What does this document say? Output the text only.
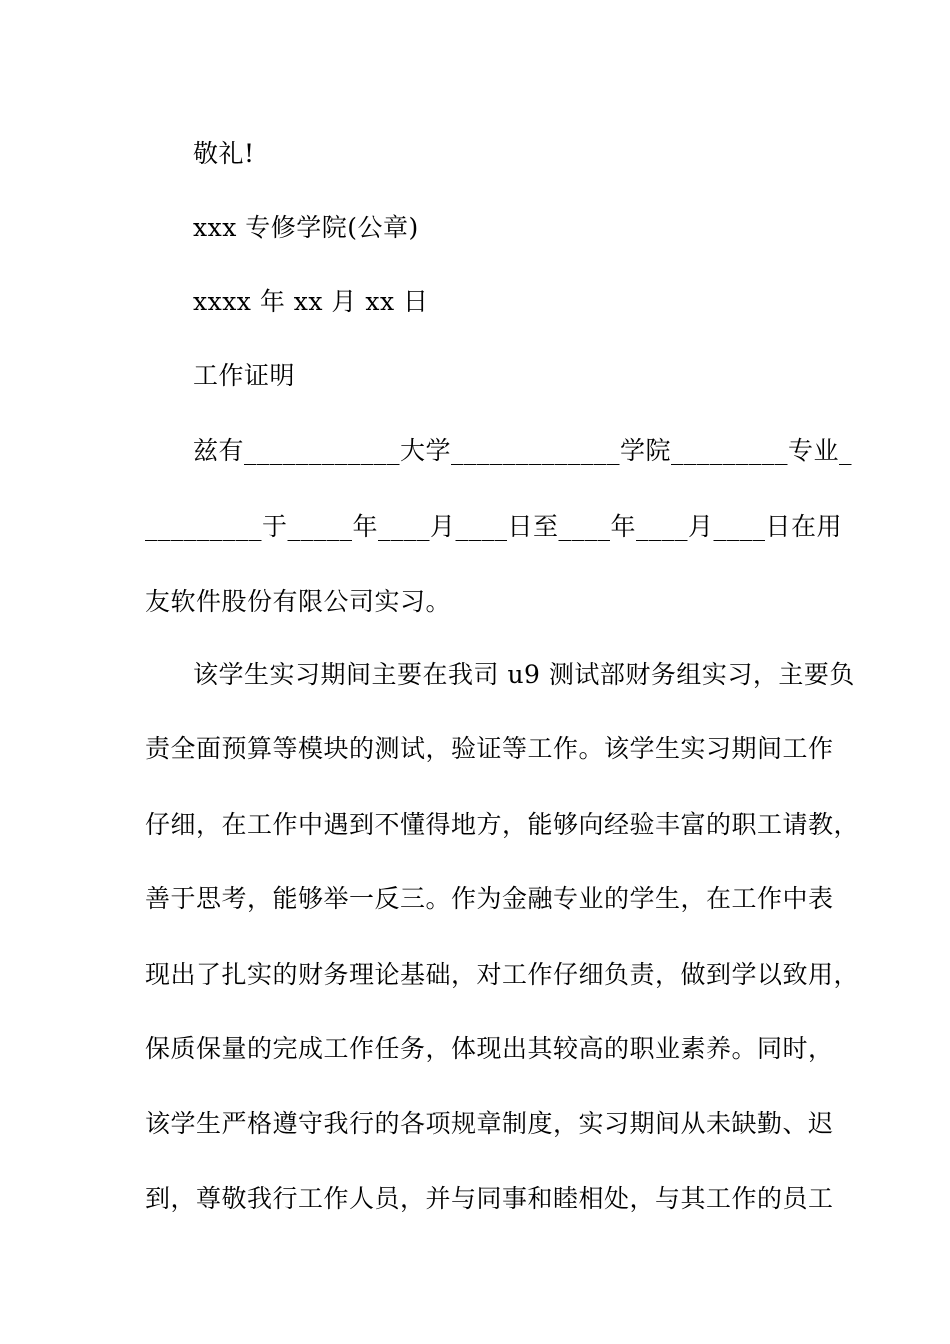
敬礼!
xxx 专修学院(公章)
xxxx 年 xx 月 xx 日
工作证明
兹有____________大学_____________学院_________专业_
_________于_____年____月____日至____年____月____日在用
友软件股份有限公司实习。
该学生实习期间主要在我司 u9 测试部财务组实习，主要负
责全面预算等模块的测试，验证等工作。该学生实习期间工作
仔细，在工作中遇到不懂得地方，能够向经验丰富的职工请教，
善于思考，能够举一反三。作为金融专业的学生，在工作中表
现出了扎实的财务理论基础，对工作仔细负责，做到学以致用，
保质保量的完成工作任务，体现出其较高的职业素养。同时，
该学生严格遵守我行的各项规章制度，实习期间从未缺勤、迟
到，尊敬我行工作人员，并与同事和睦相处，与其工作的员工
